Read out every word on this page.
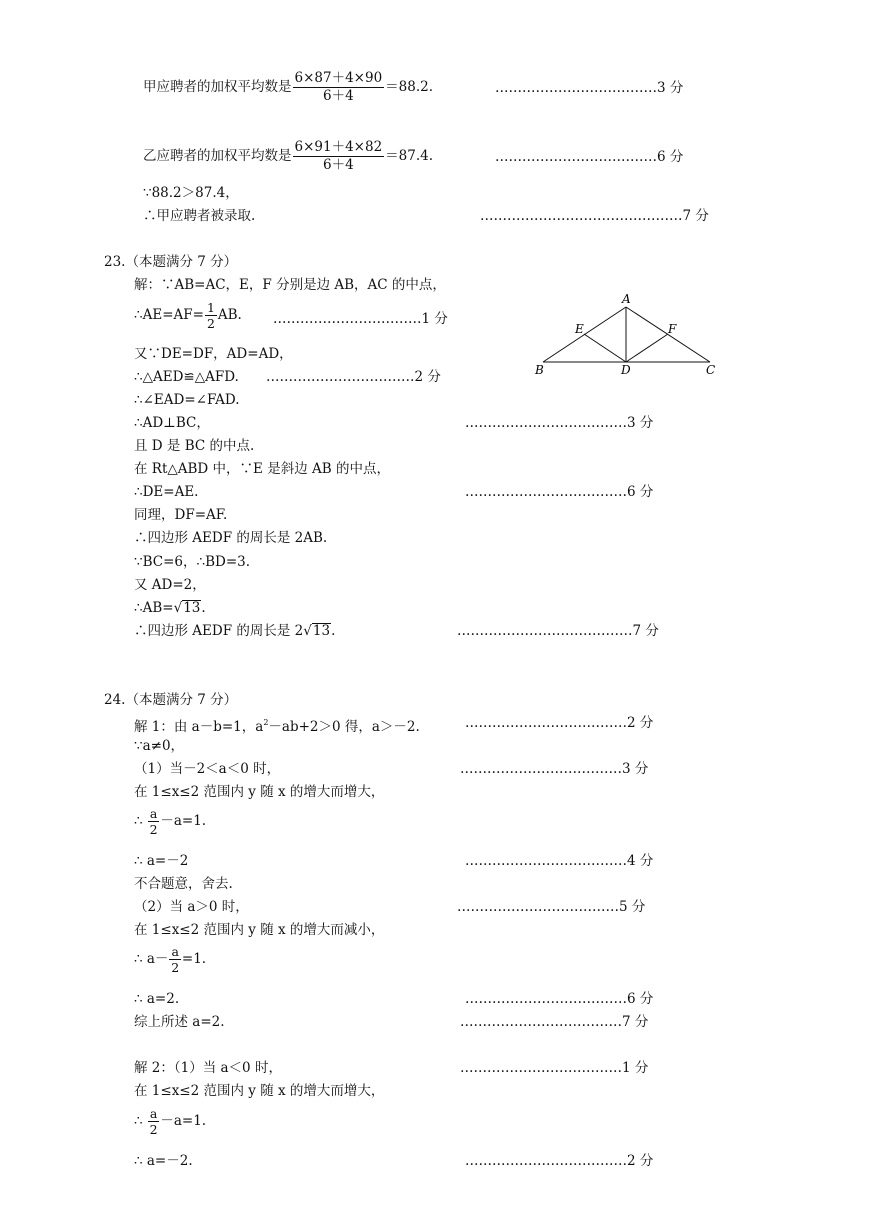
甲应聘者的加权平均数是 $\frac{6\times 87+4\times 90}{6+4} =88.2$.	………………………………3 分
乙应聘者的加权平均数是 $\frac{6\times 91+4\times 82}{6+4} =87.4$.	………………………………6 分
∵88.2＞87.4，
∴甲应聘者被录取.	………………………………………7 分
23.（本题满分 7 分）
解：∵AB=AC，E，F 分别是边 AB，AC 的中点，
∴AE=AF= $\frac{1}{2}$ AB. ……………………………1 分
又∵DE=DF，AD=AD，
∴△AED≌△AFD. ……………………………2 分
∴∠EAD=∠FAD.
∴AD⊥BC，	………………………………3 分
且 D 是 BC 的中点.
在 Rt△ABD 中，∵E 是斜边 AB 的中点，
∴DE=AE.	………………………………6 分
同理，DF=AF.
∴四边形 AEDF 的周长是 2AB.
∵BC=6，∴BD=3.
又 AD=2，
∴AB=√13.
∴四边形 AEDF 的周长是 2√13.	…………………………………7 分
A
B	C
D
E	F
24.（本题满分 7 分）
解 1：由 a－b=1，$a^2-ab+2>0$ 得，a＞－2.	………………………………2 分
∵a≠0，
（1）当－2＜a＜0 时，	………………………………3 分
在 1≤x≤2 范围内 y 随 x 的增大而增大，
∴ $\frac{a}{2} -a=1$.
∴ a=－2	………………………………4 分
不合题意，舍去.
（2）当 a＞0 时，	………………………………5 分
在 1≤x≤2 范围内 y 随 x 的增大而减小，
∴ $a- \frac{a}{2} =1$.
∴ a=2.	………………………………6 分
综上所述 a=2.	………………………………7 分
解 2：（1）当 a＜0 时，	………………………………1 分
在 1≤x≤2 范围内 y 随 x 的增大而增大，
∴ $\frac{a}{2} -a=1$.
∴ a=－2.	………………………………2 分
